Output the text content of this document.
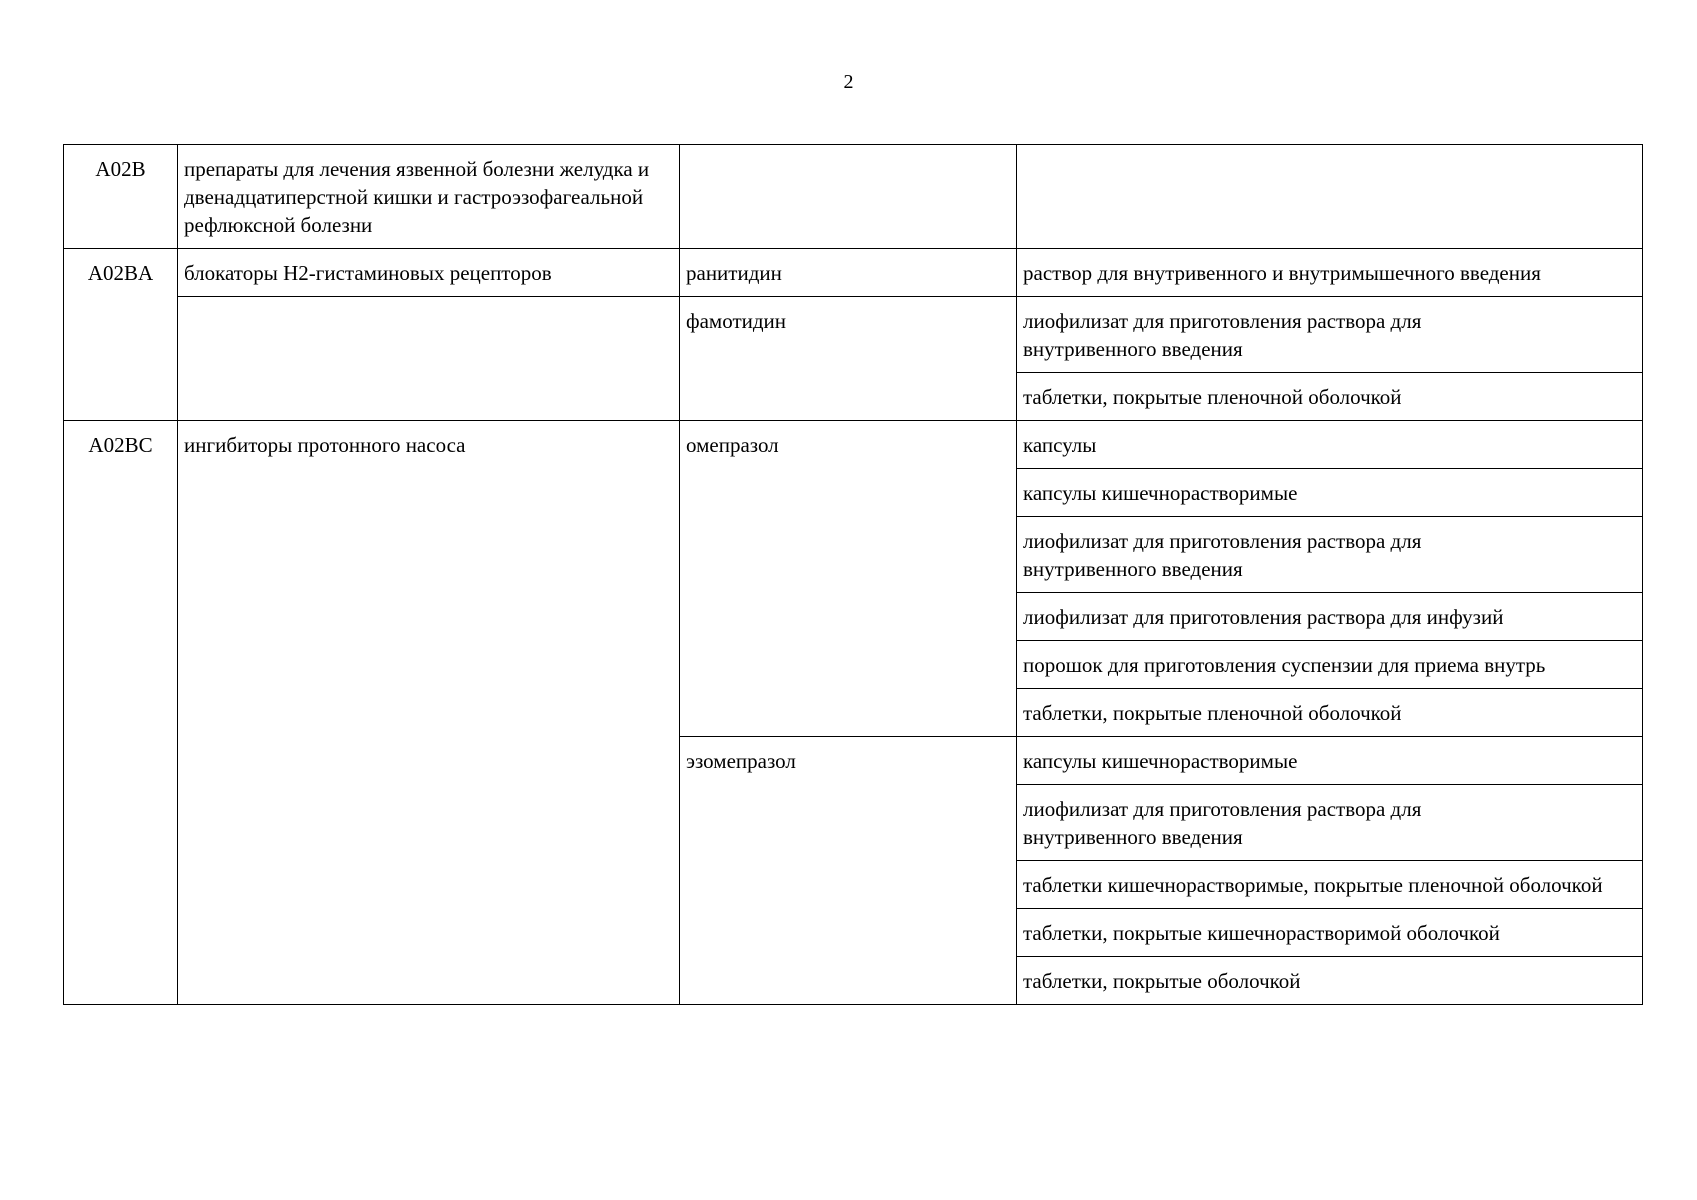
2
A02B	препараты для лечения язвенной болезни желудка и двенадцатиперстной кишки и гастроэзофагеальной рефлюксной болезни		
A02BA	блокаторы Н2-гистаминовых рецепторов	ранитидин	раствор для внутривенного и внутримышечного введения
		фамотидин	лиофилизат для приготовления раствора для внутривенного введения
			таблетки, покрытые пленочной оболочкой
A02BC	ингибиторы протонного насоса	омепразол	капсулы
			капсулы кишечнорастворимые
			лиофилизат для приготовления раствора для внутривенного введения
			лиофилизат для приготовления раствора для инфузий
			порошок для приготовления суспензии для приема внутрь
			таблетки, покрытые пленочной оболочкой
		эзомепразол	капсулы кишечнорастворимые
			лиофилизат для приготовления раствора для внутривенного введения
			таблетки кишечнорастворимые, покрытые пленочной оболочкой
			таблетки, покрытые кишечнорастворимой оболочкой
			таблетки, покрытые оболочкой
